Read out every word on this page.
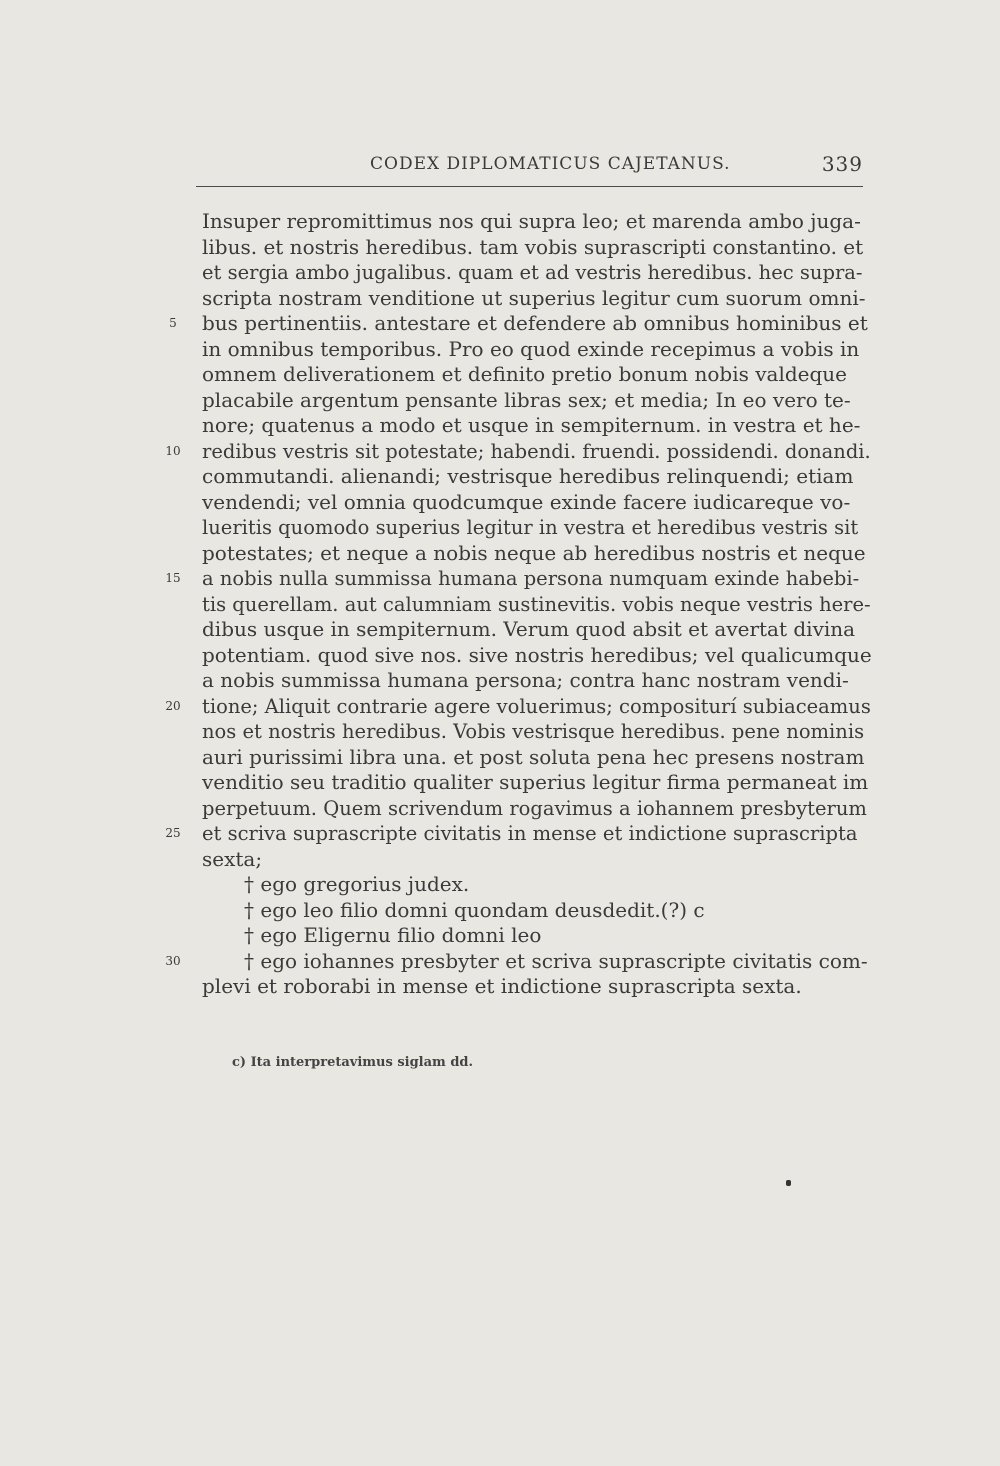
CODEX DIPLOMATICUS CAJETANUS.	339
Insuper repromittimus nos qui supra leo; et marenda ambo juga-
libus. et nostris heredibus. tam vobis suprascripti constantino. et
et sergia ambo jugalibus. quam et ad vestris heredibus. hec supra-
scripta nostram venditione ut superius legitur cum suorum omni-
5	bus pertinentiis. antestare et defendere ab omnibus hominibus et
in omnibus temporibus. Pro eo quod exinde recepimus a vobis in
omnem deliverationem et definito pretio bonum nobis valdeque
placabile argentum pensante libras sex; et media; In eo vero te-
nore; quatenus a modo et usque in sempiternum. in vestra et he-
10 redibus vestris sit potestate; habendi. fruendi. possidendi. donandi.
commutandi. alienandi; vestrisque heredibus relinquendi; etiam
vendendi; vel omnia quodcumque exinde facere iudicareque vo-
lueritis quomodo superius legitur in vestra et heredibus vestris sit
potestates; et neque a nobis neque ab heredibus nostris et neque
15 a nobis nulla summissa humana persona numquam exinde habebi-
tis querellam. aut calumniam sustinevitis. vobis neque vestris here-
dibus usque in sempiternum. Verum quod absit et avertat divina
potentiam. quod sive nos. sive nostris heredibus; vel qualicumque
a nobis summissa humana persona; contra hanc nostram vendi-
20 tione; Aliquit contrarie agere voluerimus; compositurí subiaceamus
nos et nostris heredibus. Vobis vestrisque heredibus. pene nominis
auri purissimi libra una. et post soluta pena hec presens nostram
venditio seu traditio qualiter superius legitur firma permaneat im
perpetuum. Quem scrivendum rogavimus a iohannem presbyterum
25 et scriva suprascripte civitatis in mense et indictione suprascripta
sexta;
† ego gregorius judex.
† ego leo filio domni quondam deusdedit.(?) c
† ego Eligernu filio domni leo
30	† ego iohannes presbyter et scriva suprascripte civitatis com-
plevi et roborabi in mense et indictione suprascripta sexta.
c) Ita interpretavimus siglam dd.
